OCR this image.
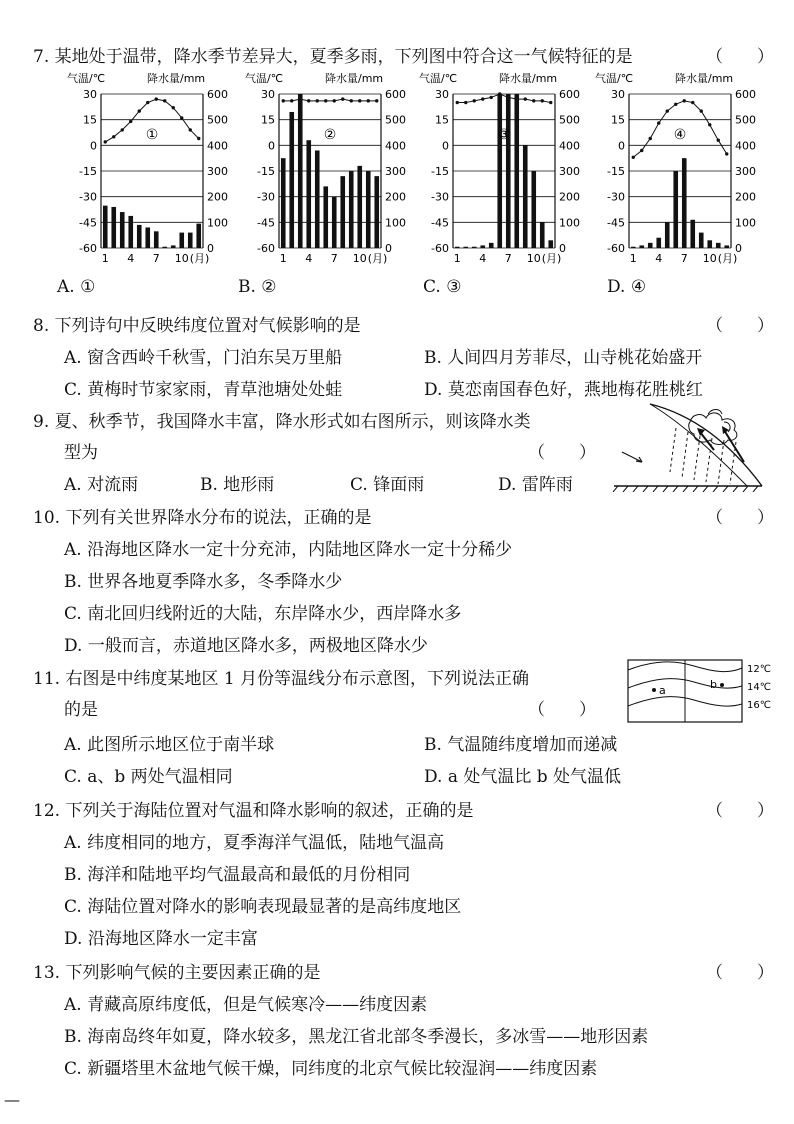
7. 某地处于温带，降水季节差异大，夏季多雨，下列图中符合这一气候特征的是	（　　）
气温/℃	降水量/mm
30	600
15	500
0	400
-15	300
-30	200
-45	100
-60	0
①
1 4 7 10 (月)
气温/℃	降水量/mm
30	600
15	500
0	400
-15	300
-30	200
-45	100
-60	0
②
1 4 7 10 (月)
气温/℃	降水量/mm
30	600
15	500
0	400
-15	300
-30	200
-45	100
-60	0
③
1 4 7 10 (月)
气温/℃	降水量/mm
30	600
15	500
0	400
-15	300
-30	200
-45	100
-60	0
④
1 4 7 10 (月)
A. ①	B. ②	C. ③	D. ④
8. 下列诗句中反映纬度位置对气候影响的是	（　　）
A. 窗含西岭千秋雪，门泊东吴万里船	B. 人间四月芳菲尽，山寺桃花始盛开
C. 黄梅时节家家雨，青草池塘处处蛙	D. 莫恋南国春色好，燕地梅花胜桃红
9. 夏、秋季节，我国降水丰富，降水形式如右图所示，则该降水类
型为	（　　）
A. 对流雨	B. 地形雨	C. 锋面雨	D. 雷阵雨
10. 下列有关世界降水分布的说法，正确的是	（　　）
A. 沿海地区降水一定十分充沛，内陆地区降水一定十分稀少
B. 世界各地夏季降水多，冬季降水少
C. 南北回归线附近的大陆，东岸降水少，西岸降水多
D. 一般而言，赤道地区降水多，两极地区降水少
11. 右图是中纬度某地区 1 月份等温线分布示意图，下列说法正确
的是	（　　）
a	b
12℃
14℃
16℃
A. 此图所示地区位于南半球	B. 气温随纬度增加而递减
C. a、b 两处气温相同	D. a 处气温比 b 处气温低
12. 下列关于海陆位置对气温和降水影响的叙述，正确的是	（　　）
A. 纬度相同的地方，夏季海洋气温低，陆地气温高
B. 海洋和陆地平均气温最高和最低的月份相同
C. 海陆位置对降水的影响表现最显著的是高纬度地区
D. 沿海地区降水一定丰富
13. 下列影响气候的主要因素正确的是	（　　）
A. 青藏高原纬度低，但是气候寒冷——纬度因素
B. 海南岛终年如夏，降水较多，黑龙江省北部冬季漫长，多冰雪——地形因素
C. 新疆塔里木盆地气候干燥，同纬度的北京气候比较湿润——纬度因素
—
